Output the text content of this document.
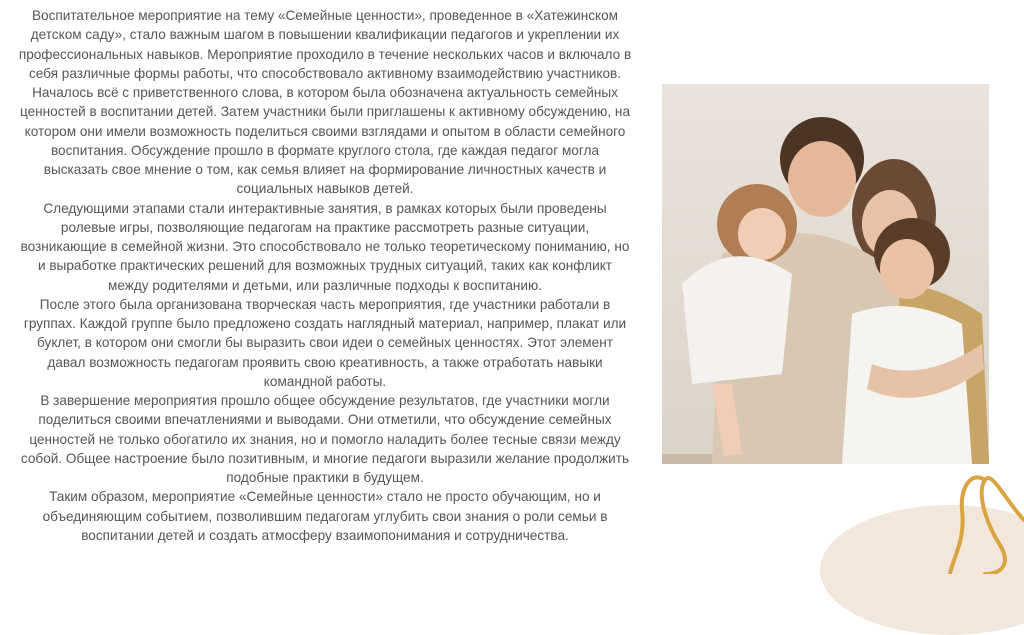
Воспитательное мероприятие на тему «Семейные ценности», проведенное в «Хатежинском детском саду», стало важным шагом в повышении квалификации педагогов и укреплении их профессиональных навыков. Мероприятие проходило в течение нескольких часов и включало в себя различные формы работы, что способствовало активному взаимодействию участников.

Началось всё с приветственного слова, в котором была обозначена актуальность семейных ценностей в воспитании детей. Затем участники были приглашены к активному обсуждению, на котором они имели возможность поделиться своими взглядами и опытом в области семейного воспитания. Обсуждение прошло в формате круглого стола, где каждая педагог могла высказать свое мнение о том, как семья влияет на формирование личностных качеств и социальных навыков детей.

Следующими этапами стали интерактивные занятия, в рамках которых были проведены ролевые игры, позволяющие педагогам на практике рассмотреть разные ситуации, возникающие в семейной жизни. Это способствовало не только теоретическому пониманию, но и выработке практических решений для возможных трудных ситуаций, таких как конфликт между родителями и детьми, или различные подходы к воспитанию.

После этого была организована творческая часть мероприятия, где участники работали в группах. Каждой группе было предложено создать наглядный материал, например, плакат или буклет, в котором они смогли бы выразить свои идеи о семейных ценностях. Этот элемент давал возможность педагогам проявить свою креативность, а также отработать навыки командной работы.

В завершение мероприятия прошло общее обсуждение результатов, где участники могли поделиться своими впечатлениями и выводами. Они отметили, что обсуждение семейных ценностей не только обогатило их знания, но и помогло наладить более тесные связи между собой. Общее настроение было позитивным, и многие педагоги выразили желание продолжить подобные практики в будущем.

Таким образом, мероприятие «Семейные ценности» стало не просто обучающим, но и объединяющим событием, позволившим педагогам углубить свои знания о роли семьи в воспитании детей и создать атмосферу взаимопонимания и сотрудничества.
